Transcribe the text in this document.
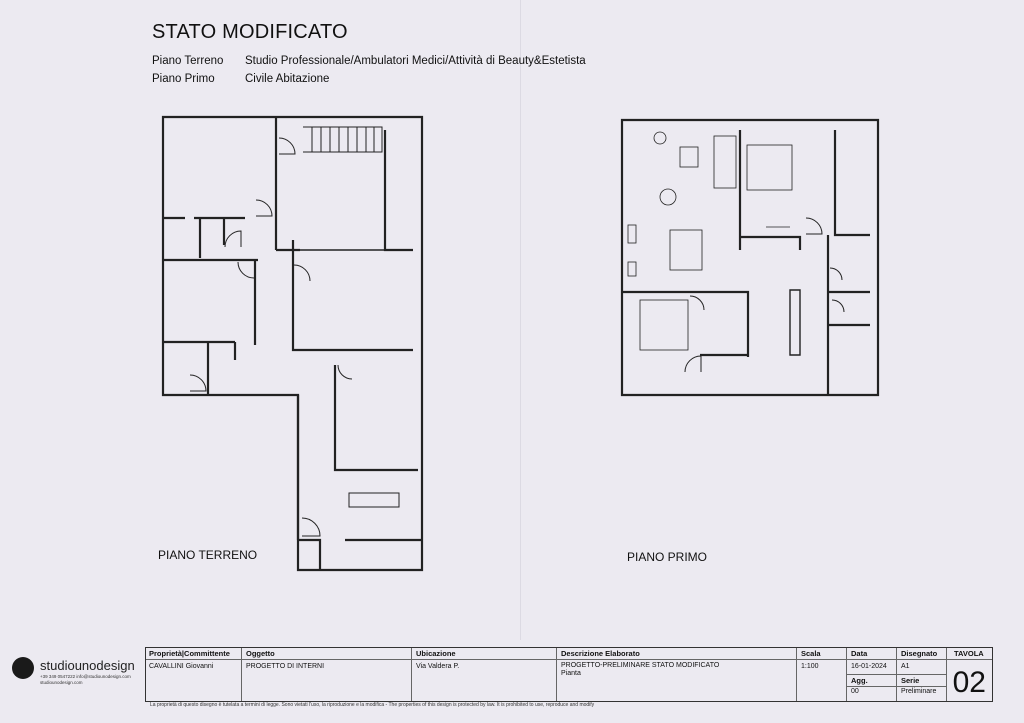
STATO MODIFICATO
Piano Terreno Studio Professionale/Ambulatori Medici/Attività di Beauty&Estetista
Piano Primo	Civile Abitazione
PIANO TERRENO	PIANO PRIMO
studiounodesign
+39 349 0547222 info@studiounodesign.com studiounodesign.com
Proprietà|Committente
CAVALLINI Giovanni
Oggetto
PROGETTO DI INTERNI
Ubicazione
Via Valdera P.
Descrizione Elaborato
PROGETTO-PRELIMINARE STATO MODIFICATO
Pianta
Scala
1:100
Data
16-01-2024
Disegnato
A1
Agg.
00
Serie
Preliminare
TAVOLA
02
La proprietà di questo disegno è tutelata a termini di legge. Sono vietati l'uso, la riproduzione e la modifica - The properties of this design is protected by law. It is prohibited to use, reproduce and modify
